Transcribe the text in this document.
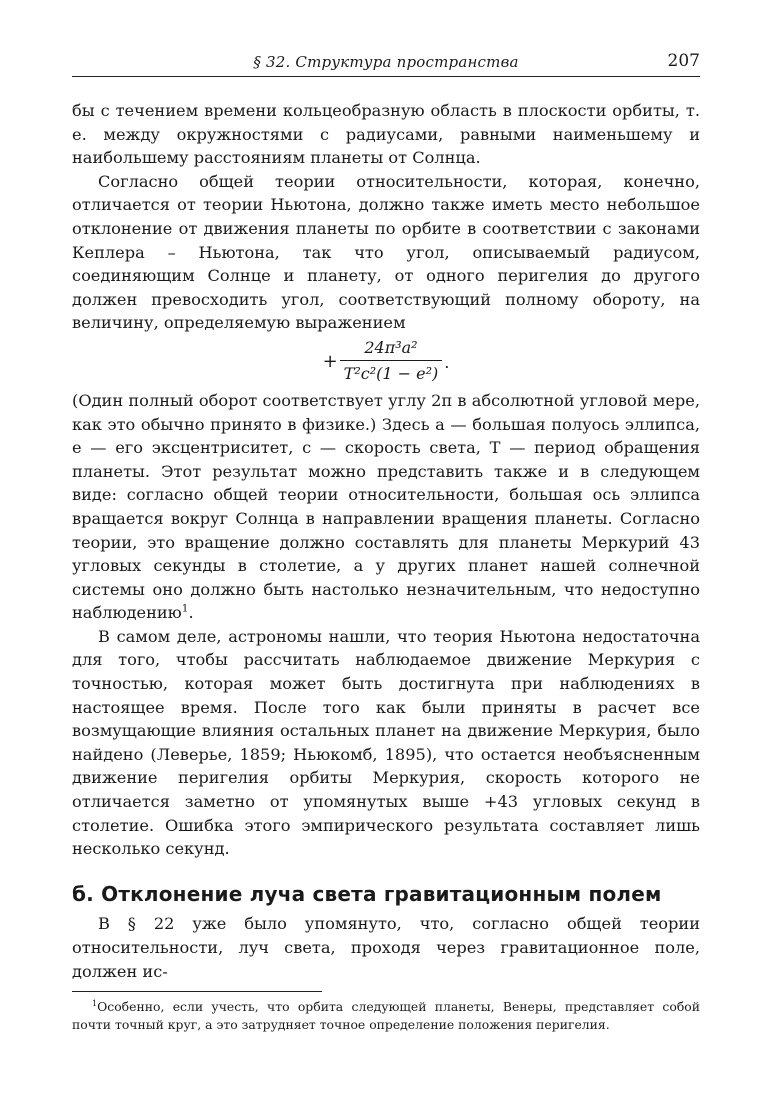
§ 32. Структура пространства	207

бы с течением времени кольцеобразную область в плоскости орбиты, т. е. между окружностями с радиусами, равными наименьшему и наибольшему расстояниям планеты от Солнца.

Согласно общей теории относительности, которая, конечно, отличается от теории Ньютона, должно также иметь место небольшое отклонение от движения планеты по орбите в соответствии с законами Кеплера – Ньютона, так что угол, описываемый радиусом, соединяющим Солнце и планету, от одного перигелия до другого должен превосходить угол, соответствующий полному обороту, на величину, определяемую выражением

+ $\frac{\text{24π³a²}}{\text{T²c²(1 − e²)}}$ .

(Один полный оборот соответствует углу 2π в абсолютной угловой мере, как это обычно принято в физике.) Здесь a — большая полуось эллипса, e — его эксцентриситет, c — скорость света, T — период обращения планеты. Этот результат можно представить также и в следующем виде: согласно общей теории относительности, большая ось эллипса вращается вокруг Солнца в направлении вращения планеты. Согласно теории, это вращение должно составлять для планеты Меркурий 43 угловых секунды в столетие, а у других планет нашей солнечной системы оно должно быть настолько незначительным, что недоступно наблюдению$^1$.

В самом деле, астрономы нашли, что теория Ньютона недостаточна для того, чтобы рассчитать наблюдаемое движение Меркурия с точностью, которая может быть достигнута при наблюдениях в настоящее время. После того как были приняты в расчет все возмущающие влияния остальных планет на движение Меркурия, было найдено (Леверье, 1859; Ньюкомб, 1895), что остается необъясненным движение перигелия орбиты Меркурия, скорость которого не отличается заметно от упомянутых выше +43 угловых секунд в столетие. Ошибка этого эмпирического результата составляет лишь несколько секунд.

б. Отклонение луча света гравитационным полем

В § 22 уже было упомянуто, что, согласно общей теории относительности, луч света, проходя через гравитационное поле, должен ис-

$^1$Особенно, если учесть, что орбита следующей планеты, Венеры, представляет собой почти точный круг, а это затрудняет точное определение положения перигелия.
